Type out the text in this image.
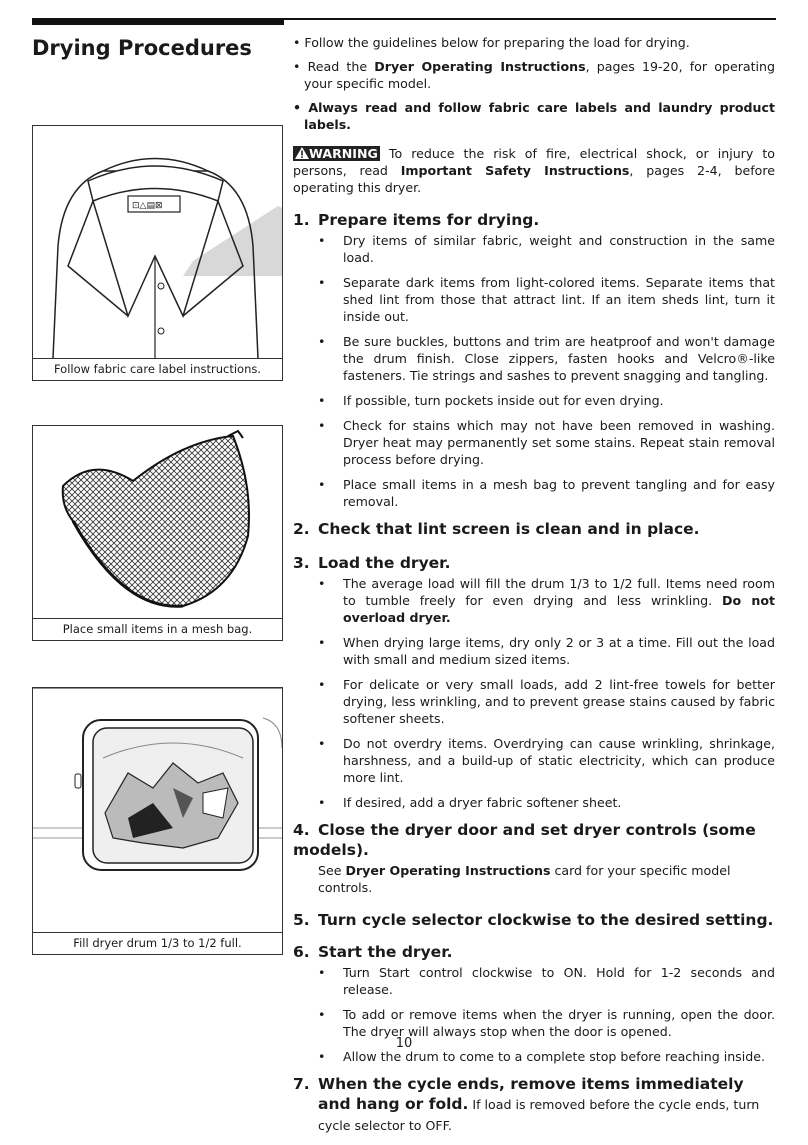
Drying Procedures
⊡△▤⊠
Follow fabric care label instructions.
Place small items in a mesh bag.
Fill dryer drum 1/3 to 1/2 full.

• Follow the guidelines below for preparing the load for drying.

• Read the Dryer Operating Instructions, pages 19-20, for operating your specific model.

• Always read and follow fabric care labels and laundry product labels.

WARNING To reduce the risk of fire, electrical shock, or injury to persons, read Important Safety Instructions, pages 2-4, before operating this dryer.

1. Prepare items for drying.
• Dry items of similar fabric, weight and construction in the same load.
• Separate dark items from light-colored items. Separate items that shed lint from those that attract lint. If an item sheds lint, turn it inside out.
• Be sure buckles, buttons and trim are heatproof and won't damage the drum finish. Close zippers, fasten hooks and Velcro®-like fasteners. Tie strings and sashes to prevent snagging and tangling.
• If possible, turn pockets inside out for even drying.
• Check for stains which may not have been removed in washing. Dryer heat may permanently set some stains. Repeat stain removal process before drying.
• Place small items in a mesh bag to prevent tangling and for easy removal.
2. Check that lint screen is clean and in place.
3. Load the dryer.
• The average load will fill the drum 1/3 to 1/2 full. Items need room to tumble freely for even drying and less wrinkling. Do not overload dryer.
• When drying large items, dry only 2 or 3 at a time. Fill out the load with small and medium sized items.
• For delicate or very small loads, add 2 lint-free towels for better drying, less wrinkling, and to prevent grease stains caused by fabric softener sheets.
• Do not overdry items. Overdrying can cause wrinkling, shrinkage, harshness, and a build-up of static electricity, which can produce more lint.
• If desired, add a dryer fabric softener sheet.
4. Close the dryer door and set dryer controls (some models).
See Dryer Operating Instructions card for your specific model controls.
5. Turn cycle selector clockwise to the desired setting.
6. Start the dryer.
• Turn Start control clockwise to ON. Hold for 1-2 seconds and release.
• To add or remove items when the dryer is running, open the door. The dryer will always stop when the door is opened.
• Allow the drum to come to a complete stop before reaching inside.
7. When the cycle ends, remove items immediately and hang or fold. If load is removed before the cycle ends, turn cycle selector to OFF.
10
